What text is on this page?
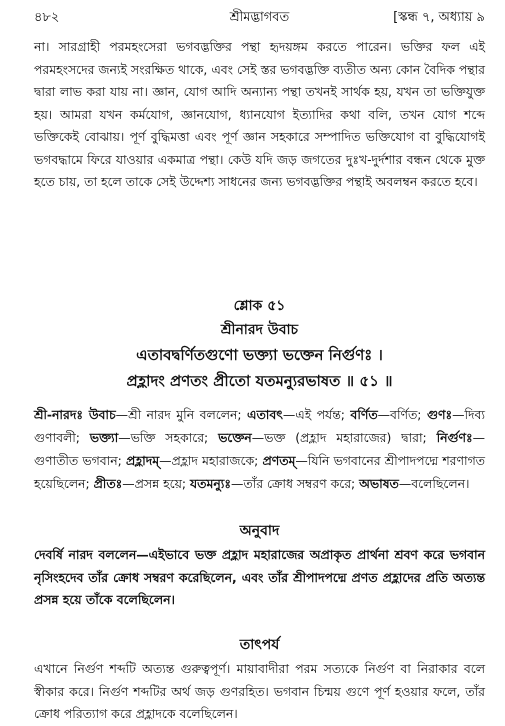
৪৮২	শ্রীমদ্ভাগবত	[স্কন্ধ ৭, অধ্যায় ৯

না। সারগ্রাহী পরমহংসেরা ভগবদ্ভক্তির পন্থা হৃদয়ঙ্গম করতে পারেন। ভক্তির ফল এই পরমহংসদের জন্যই সংরক্ষিত থাকে, এবং সেই স্তর ভগবদ্ভক্তি ব্যতীত অন্য কোন বৈদিক পন্থার দ্বারা লাভ করা যায় না। জ্ঞান, যোগ আদি অন্যান্য পন্থা তখনই সার্থক হয়, যখন তা ভক্তিযুক্ত হয়। আমরা যখন কর্মযোগ, জ্ঞানযোগ, ধ্যানযোগ ইত্যাদির কথা বলি, তখন যোগ শব্দে ভক্তিকেই বোঝায়। পূর্ণ বুদ্ধিমত্তা এবং পূর্ণ জ্ঞান সহকারে সম্পাদিত ভক্তিযোগ বা বুদ্ধিযোগই ভগবদ্ধামে ফিরে যাওয়ার একমাত্র পন্থা। কেউ যদি জড় জগতের দুঃখ-দুর্দশার বন্ধন থেকে মুক্ত হতে চায়, তা হলে তাকে সেই উদ্দেশ্য সাধনের জন্য ভগবদ্ভক্তির পন্থাই অবলম্বন করতে হবে।

শ্লোক ৫১

শ্রীনারদ উবাচ

এতাবদ্বর্ণিতগুণো ভক্ত্যা ভক্তেন নির্গুণঃ ।

প্রহ্লাদং প্রণতং প্রীতো যতমন্যুরভাষত ॥ ৫১ ॥

শ্রী-নারদঃ উবাচ—শ্রী নারদ মুনি বললেন; এতাবৎ—এই পর্যন্ত; বর্ণিত—বর্ণিত; গুণঃ—দিব্য গুণাবলী; ভক্ত্যা—ভক্তি সহকারে; ভক্তেন—ভক্ত (প্রহ্লাদ মহারাজের) দ্বারা; নির্গুণঃ—গুণাতীত ভগবান; প্রহ্লাদম্—প্রহ্লাদ মহারাজকে; প্রণতম্—যিনি ভগবানের শ্রীপাদপদ্মে শরণাগত হয়েছিলেন; প্রীতঃ—প্রসন্ন হয়ে; যতমন্যুঃ—তাঁর ক্রোধ সম্বরণ করে; অভাষত—বলেছিলেন।

অনুবাদ

দেবর্ষি নারদ বললেন—এইভাবে ভক্ত প্রহ্লাদ মহারাজের অপ্রাকৃত প্রার্থনা শ্রবণ করে ভগবান নৃসিংহদেব তাঁর ক্রোধ সম্বরণ করেছিলেন, এবং তাঁর শ্রীপাদপদ্মে প্রণত প্রহ্লাদের প্রতি অত্যন্ত প্রসন্ন হয়ে তাঁকে বলেছিলেন।

তাৎপর্য

এখানে নির্গুণ শব্দটি অত্যন্ত গুরুত্বপূর্ণ। মায়াবাদীরা পরম সত্যকে নির্গুণ বা নিরাকার বলে স্বীকার করে। নির্গুণ শব্দটির অর্থ জড় গুণরহিত। ভগবান চিন্ময় গুণে পূর্ণ হওয়ার ফলে, তাঁর ক্রোধ পরিত্যাগ করে প্রহ্লাদকে বলেছিলেন।
